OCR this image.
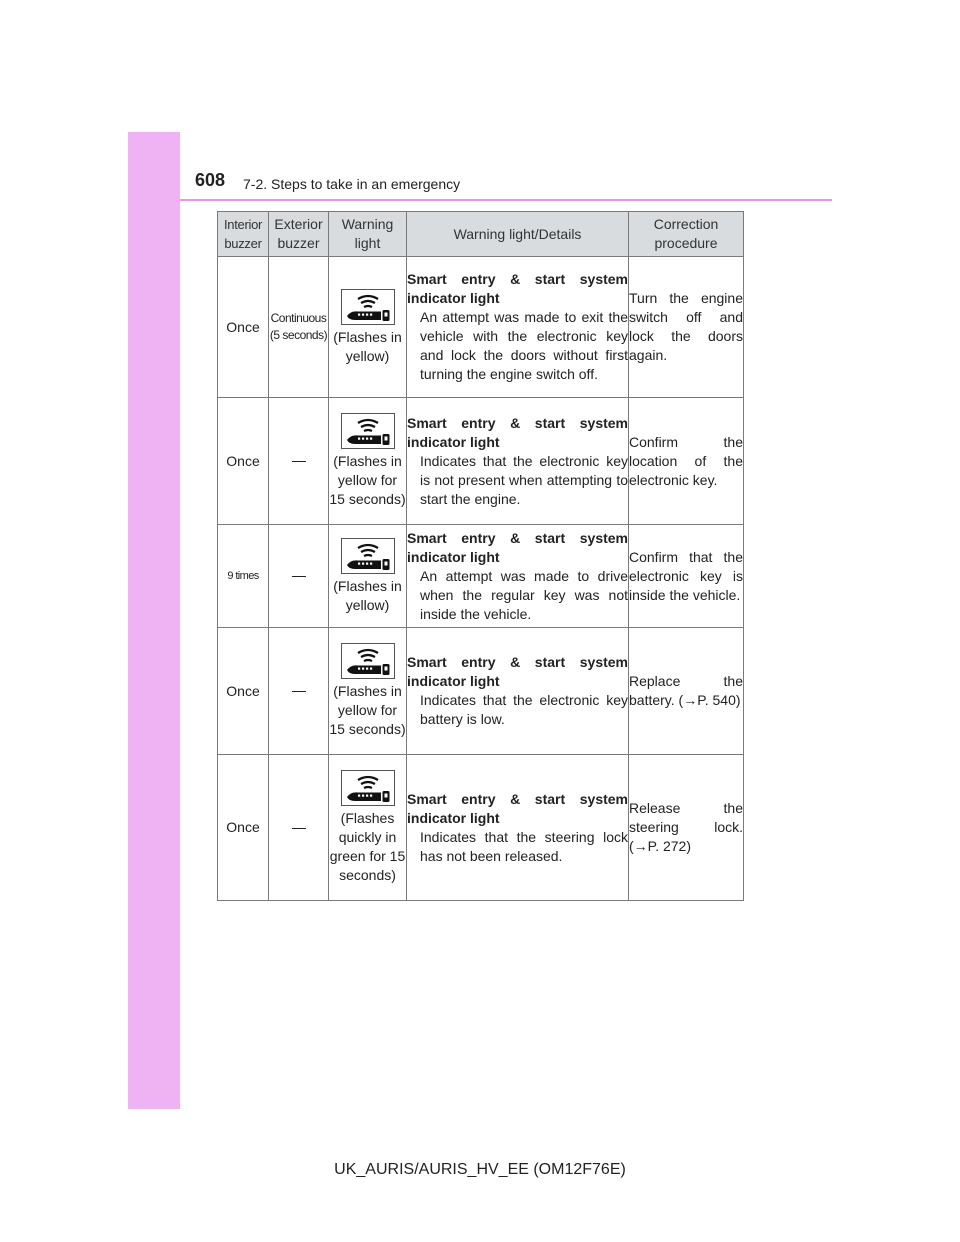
608 7-2. Steps to take in an emergency
Interior buzzer	Exterior buzzer	Warning light	Warning light/Details	Correction procedure
Once	Continuous (5 seconds)	(Flashes in yellow)	Smart entry & start system
indicator light
An attempt was made to exit the vehicle with the electronic key and lock the doors without first turning the engine switch off.	Turn the engine switch off and lock the doors again.
Once		(Flashes in yellow for 15 seconds)	Smart entry & start system
indicator light
Indicates that the electronic key is not present when attempting to start the engine.	Confirm the location of the electronic key.
9 times		(Flashes in yellow)	Smart entry & start system
indicator light
An attempt was made to drive when the regular key was not inside the vehicle.	Confirm that the electronic key is inside the vehicle.
Once		(Flashes in yellow for 15 seconds)	Smart entry & start system
indicator light
Indicates that the electronic key battery is low.	Replace the battery. (→P. 540)
Once		(Flashes quickly in green for 15 seconds)	Smart entry & start system
indicator light
Indicates that the steering lock has not been released.	Release the steering lock. (→P. 272)
UK_AURIS/AURIS_HV_EE (OM12F76E)
